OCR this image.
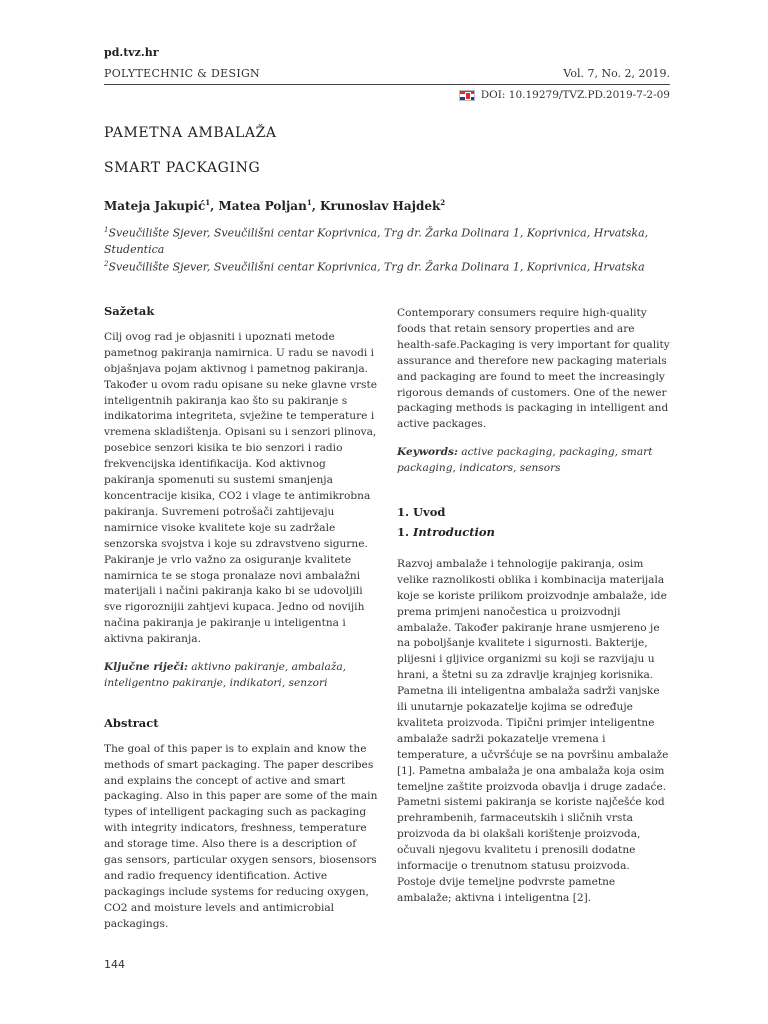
pd.tvz.hr
POLYTECHNIC & DESIGN	Vol. 7, No. 2, 2019.
DOI: 10.19279/TVZ.PD.2019-7-2-09
PAMETNA AMBALAŽA
SMART PACKAGING
Mateja Jakupić$^1$, Matea Poljan$^1$, Krunoslav Hajdek$^2$
$^1$Sveučilište Sjever, Sveučilišni centar Koprivnica, Trg dr. Žarka Dolinara 1, Koprivnica, Hrvatska, Studentica
$^2$Sveučilište Sjever, Sveučilišni centar Koprivnica, Trg dr. Žarka Dolinara 1, Koprivnica, Hrvatska
Sažetak

Cilj ovog rad je objasniti i upoznati metode pametnog pakiranja namirnica. U radu se navodi i objašnjava pojam aktivnog i pametnog pakiranja. Također u ovom radu opisane su neke glavne vrste inteligentnih pakiranja kao što su pakiranje s indikatorima integriteta, svježine te temperature i vremena skladištenja. Opisani su i senzori plinova, posebice senzori kisika te bio senzori i radio frekvencijska identifikacija. Kod aktivnog pakiranja spomenuti su sustemi smanjenja koncentracije kisika, CO2 i vlage te antimikrobna pakiranja. Suvremeni potrošači zahtijevaju namirnice visoke kvalitete koje su zadržale senzorska svojstva i koje su zdravstveno sigurne. Pakiranje je vrlo važno za osiguranje kvalitete namirnica te se stoga pronalaze novi ambalažni materijali i načini pakiranja kako bi se udovoljili sve rigoroznijii zahtjevi kupaca. Jedno od novijih načina pakiranja je pakiranje u inteligentna i aktivna pakiranja.

Ključne riječi: aktivno pakiranje, ambalaža, inteligentno pakiranje, indikatori, senzori

Abstract

The goal of this paper is to explain and know the methods of smart packaging. The paper describes and explains the concept of active and smart packaging. Also in this paper are some of the main types of intelligent packaging such as packaging with integrity indicators, freshness, temperature and storage time. Also there is a description of gas sensors, particular oxygen sensors, biosensors and radio frequency identification. Active packagings include systems for reducing oxygen, CO2 and moisture levels and antimicrobial packagings.

Contemporary consumers require high-quality foods that retain sensory properties and are health-safe.Packaging is very important for quality assurance and therefore new packaging materials and packaging are found to meet the increasingly rigorous demands of customers. One of the newer packaging methods is packaging in intelligent and active packages.

Keywords: active packaging, packaging, smart packaging, indicators, sensors

1. Uvod
1. Introduction

Razvoj ambalaže i tehnologije pakiranja, osim velike raznolikosti oblika i kombinacija materijala koje se koriste prilikom proizvodnje ambalaže, ide prema primjeni nanočestica u proizvodnji ambalaže. Također pakiranje hrane usmjereno je na poboljšanje kvalitete i sigurnosti. Bakterije, plijesni i gljivice organizmi su koji se razvijaju u hrani, a štetni su za zdravlje krajnjeg korisnika. Pametna ili inteligentna ambalaža sadrži vanjske ili unutarnje pokazatelje kojima se određuje kvaliteta proizvoda. Tipični primjer inteligentne ambalaže sadrži pokazatelje vremena i temperature, a učvršćuje se na površinu ambalaže [1]. Pametna ambalaža je ona ambalaža koja osim temeljne zaštite proizvoda obavlja i druge zadaće. Pametni sistemi pakiranja se koriste najčešće kod prehrambenih, farmaceutskih i sličnih vrsta proizvoda da bi olakšali korištenje proizvoda, očuvali njegovu kvalitetu i prenosili dodatne informacije o trenutnom statusu proizvoda. Postoje dvije temeljne podvrste pametne ambalaže; aktivna i inteligentna [2].

144
